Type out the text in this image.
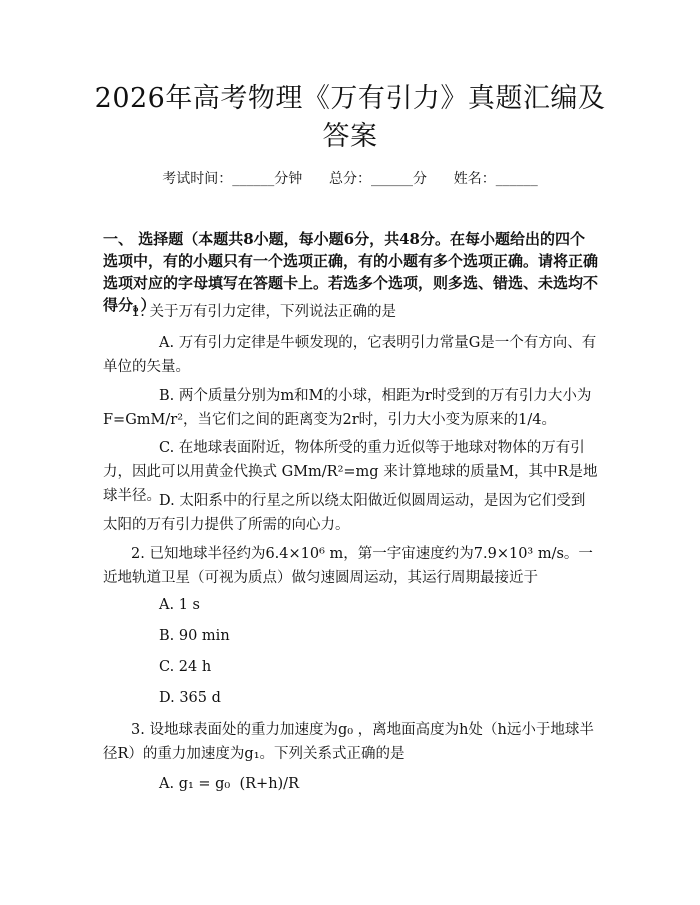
2026年高考物理《万有引力》真题汇编及答案
考试时间：______分钟      总分：______分      姓名：______
一、 选择题（本题共8小题，每小题6分，共48分。在每小题给出的四个选项中，有的小题只有一个选项正确，有的小题有多个选项正确。请将正确选项对应的字母填写在答题卡上。若选多个选项，则多选、错选、未选均不得分。）
1. 关于万有引力定律，下列说法正确的是
A. 万有引力定律是牛顿发现的，它表明引力常量G是一个有方向、有单位的矢量。
B. 两个质量分别为m和M的小球，相距为r时受到的万有引力大小为F=GmM/r²，当它们之间的距离变为2r时，引力大小变为原来的1/4。
C. 在地球表面附近，物体所受的重力近似等于地球对物体的万有引力，因此可以用黄金代换式 GMm/R²=mg 来计算地球的质量M，其中R是地球半径。
D. 太阳系中的行星之所以绕太阳做近似圆周运动，是因为它们受到太阳的万有引力提供了所需的向心力。
2. 已知地球半径约为6.4×10⁶ m，第一宇宙速度约为7.9×10³ m/s。一近地轨道卫星（可视为质点）做匀速圆周运动，其运行周期最接近于
A. 1 s
B. 90 min
C. 24 h
D. 365 d
3. 设地球表面处的重力加速度为g₀ ，离地面高度为h处（h远小于地球半径R）的重力加速度为g₁。下列关系式正确的是
A. g₁ = g₀  (R+h)/R
